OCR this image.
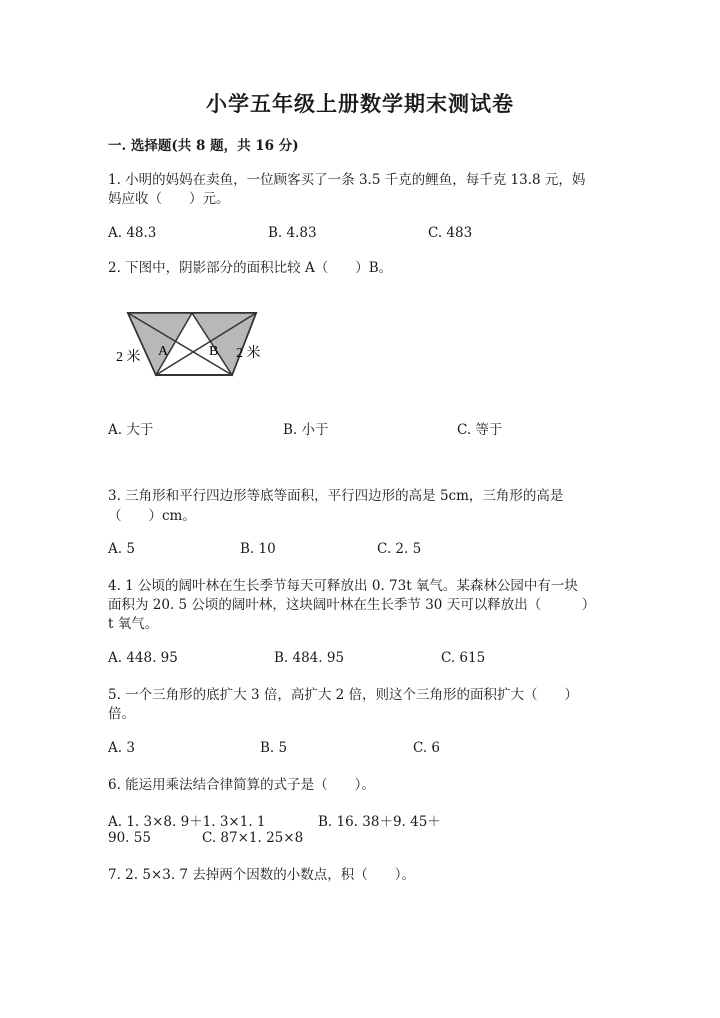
小学五年级上册数学期末测试卷
一. 选择题(共 8 题，共 16 分)
1. 小明的妈妈在卖鱼，一位顾客买了一条 3.5 千克的鲤鱼，每千克 13.8 元，妈
妈应收（　　）元。
A. 48.3	B. 4.83	C. 483
2. 下图中，阴影部分的面积比较 A（　　）B。
A	B
2 米	2 米
A. 大于	B. 小于	C. 等于
3. 三角形和平行四边形等底等面积，平行四边形的高是 5cm，三角形的高是
（　　）cm。
A. 5	B. 10	C. 2. 5
4. 1 公顷的阔叶林在生长季节每天可释放出 0. 73t 氧气。某森林公园中有一块
面积为 20. 5 公顷的阔叶林，这块阔叶林在生长季节 30 天可以释放出（　　　）
t 氧气。
A. 448. 95	B. 484. 95	C. 615
5. 一个三角形的底扩大 3 倍，高扩大 2 倍，则这个三角形的面积扩大（　　）
倍。
A. 3	B. 5	C. 6
6. 能运用乘法结合律简算的式子是（　　）。
A. 1. 3×8. 9＋1. 3×1. 1	B. 16. 38＋9. 45＋
90. 55	C. 87×1. 25×8
7. 2. 5×3. 7 去掉两个因数的小数点，积（　　）。
